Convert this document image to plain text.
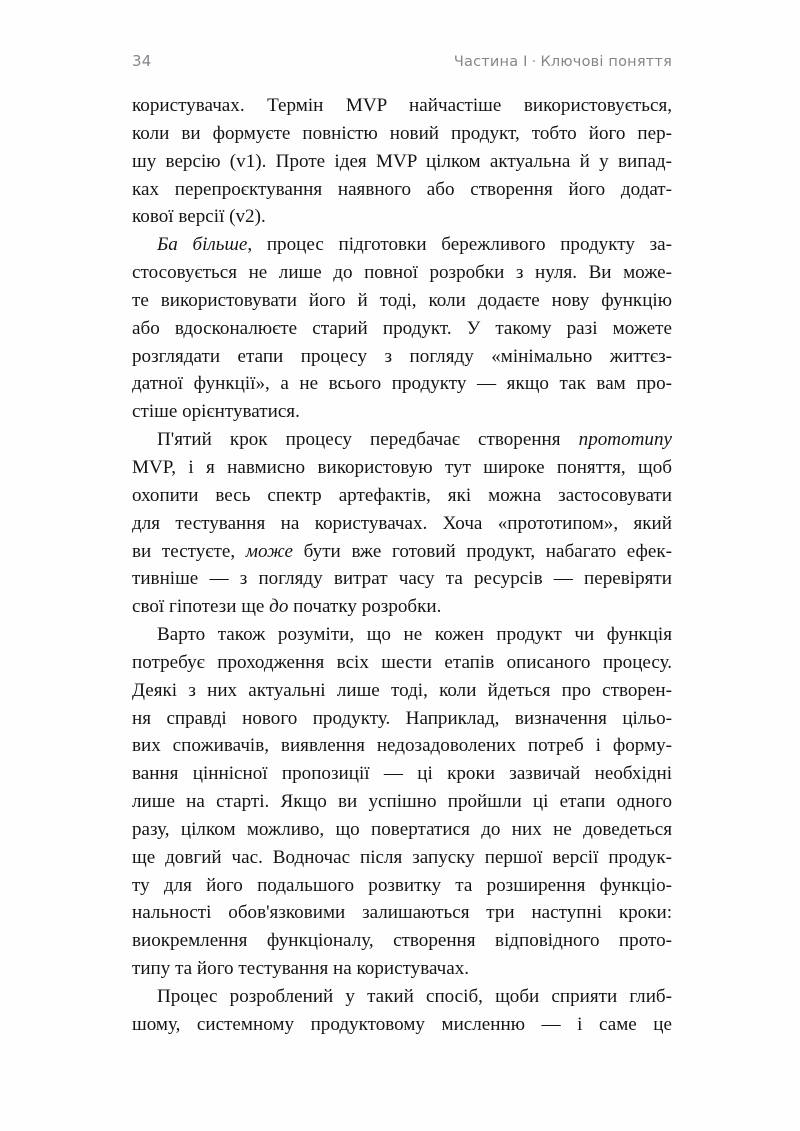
34	Частина I · Ключові поняття

користувачах. Термін MVP найчастіше використовується,
коли ви формуєте повністю новий продукт, тобто його пер-
шу версію (v1). Проте ідея MVP цілком актуальна й у випад-
ках перепроєктування наявного або створення його додат-
кової версії (v2).

Ба більше, процес підготовки бережливого продукту за-
стосовується не лише до повної розробки з нуля. Ви може-
те використовувати його й тоді, коли додаєте нову функцію
або вдосконалюєте старий продукт. У такому разі можете
розглядати етапи процесу з погляду «мінімально життєз-
датної функції», а не всього продукту — якщо так вам про-
стіше орієнтуватися.

П'ятий крок процесу передбачає створення прототипу
MVP, і я навмисно використовую тут широке поняття, щоб
охопити весь спектр артефактів, які можна застосовувати
для тестування на користувачах. Хоча «прототипом», який
ви тестуєте, може бути вже готовий продукт, набагато ефек-
тивніше — з погляду витрат часу та ресурсів — перевіряти
свої гіпотези ще до початку розробки.

Варто також розуміти, що не кожен продукт чи функція
потребує проходження всіх шести етапів описаного процесу.
Деякі з них актуальні лише тоді, коли йдеться про створен-
ня справді нового продукту. Наприклад, визначення цільо-
вих споживачів, виявлення недозадоволених потреб і форму-
вання ціннісної пропозиції — ці кроки зазвичай необхідні
лише на старті. Якщо ви успішно пройшли ці етапи одного
разу, цілком можливо, що повертатися до них не доведеться
ще довгий час. Водночас після запуску першої версії продук-
ту для його подальшого розвитку та розширення функціо-
нальності обов'язковими залишаються три наступні кроки:
виокремлення функціоналу, створення відповідного прото-
типу та його тестування на користувачах.

Процес розроблений у такий спосіб, щоби сприяти глиб-
шому, системному продуктовому мисленню — і саме це
